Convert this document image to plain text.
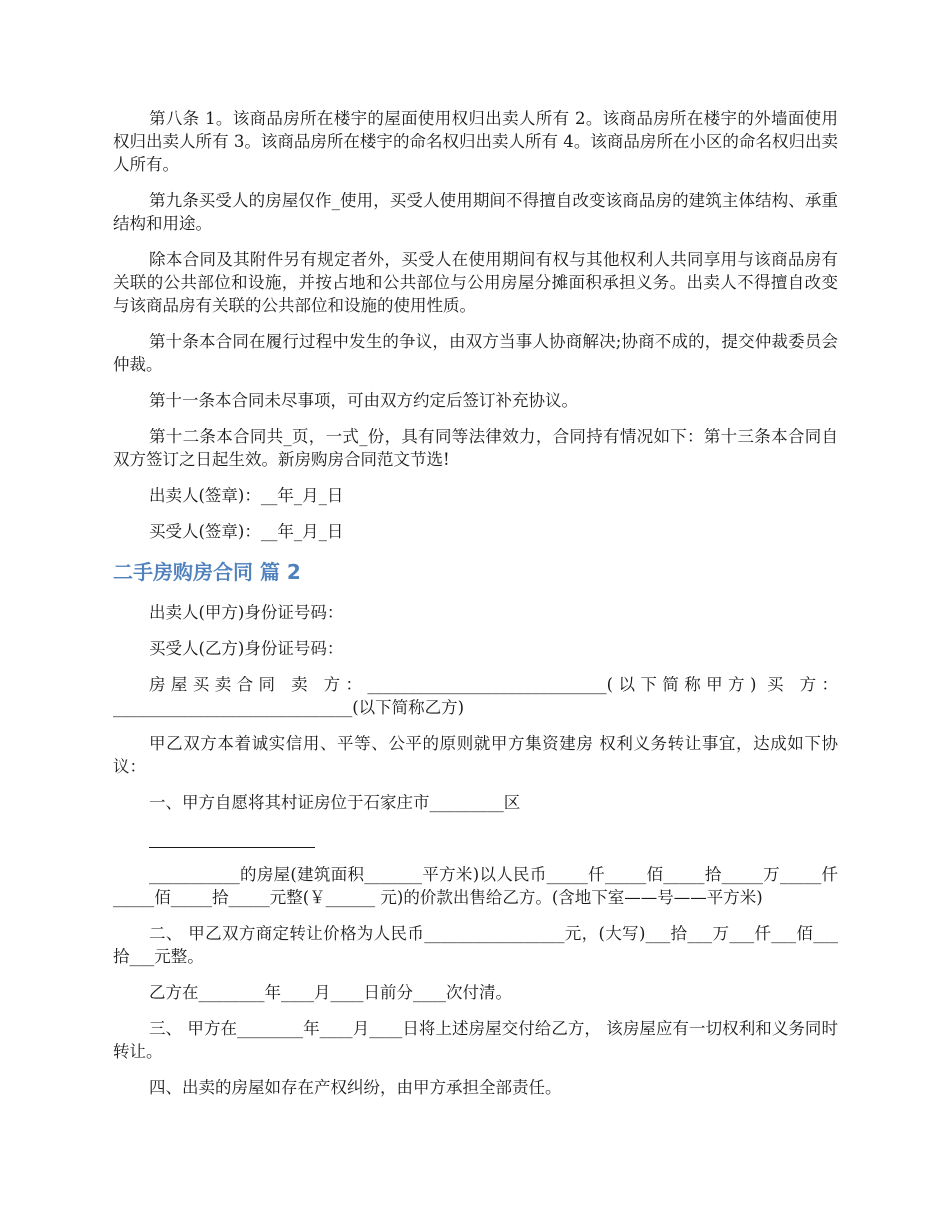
第八条 1。该商品房所在楼宇的屋面使用权归出卖人所有 2。该商品房所在楼宇的外墙面使用权归出卖人所有 3。该商品房所在楼宇的命名权归出卖人所有 4。该商品房所在小区的命名权归出卖人所有。

第九条买受人的房屋仅作_使用，买受人使用期间不得擅自改变该商品房的建筑主体结构、承重结构和用途。

除本合同及其附件另有规定者外，买受人在使用期间有权与其他权利人共同享用与该商品房有关联的公共部位和设施，并按占地和公共部位与公用房屋分摊面积承担义务。出卖人不得擅自改变与该商品房有关联的公共部位和设施的使用性质。

第十条本合同在履行过程中发生的争议，由双方当事人协商解决;协商不成的，提交仲裁委员会仲裁。

第十一条本合同未尽事项，可由双方约定后签订补充协议。

第十二条本合同共_页，一式_份，具有同等法律效力，合同持有情况如下：第十三条本合同自双方签订之日起生效。新房购房合同范文节选!

出卖人(签章)：__年_月_日

买受人(签章)：__年_月_日

二手房购房合同 篇 2

出卖人(甲方)身份证号码：

买受人(乙方)身份证号码：

房屋买卖合同 卖 方：_____________________________(以下简称甲方) 买 方：_____________________________(以下简称乙方)

甲乙双方本着诚实信用、平等、公平的原则就甲方集资建房 权利义务转让事宜，达成如下协议：

一、甲方自愿将其村证房位于石家庄市_________区

___________的房屋(建筑面积_______平方米)以人民币_____仟_____佰_____拾_____万_____仟_____佰_____拾_____元整(￥______ 元)的价款出售给乙方。(含地下室——号——平方米)

二、 甲乙双方商定转让价格为人民币_________________元，(大写)___拾___万___仟___佰___拾___元整。

乙方在________年____月____日前分____次付清。

三、 甲方在________年____月____日将上述房屋交付给乙方， 该房屋应有一切权利和义务同时转让。

四、出卖的房屋如存在产权纠纷，由甲方承担全部责任。
